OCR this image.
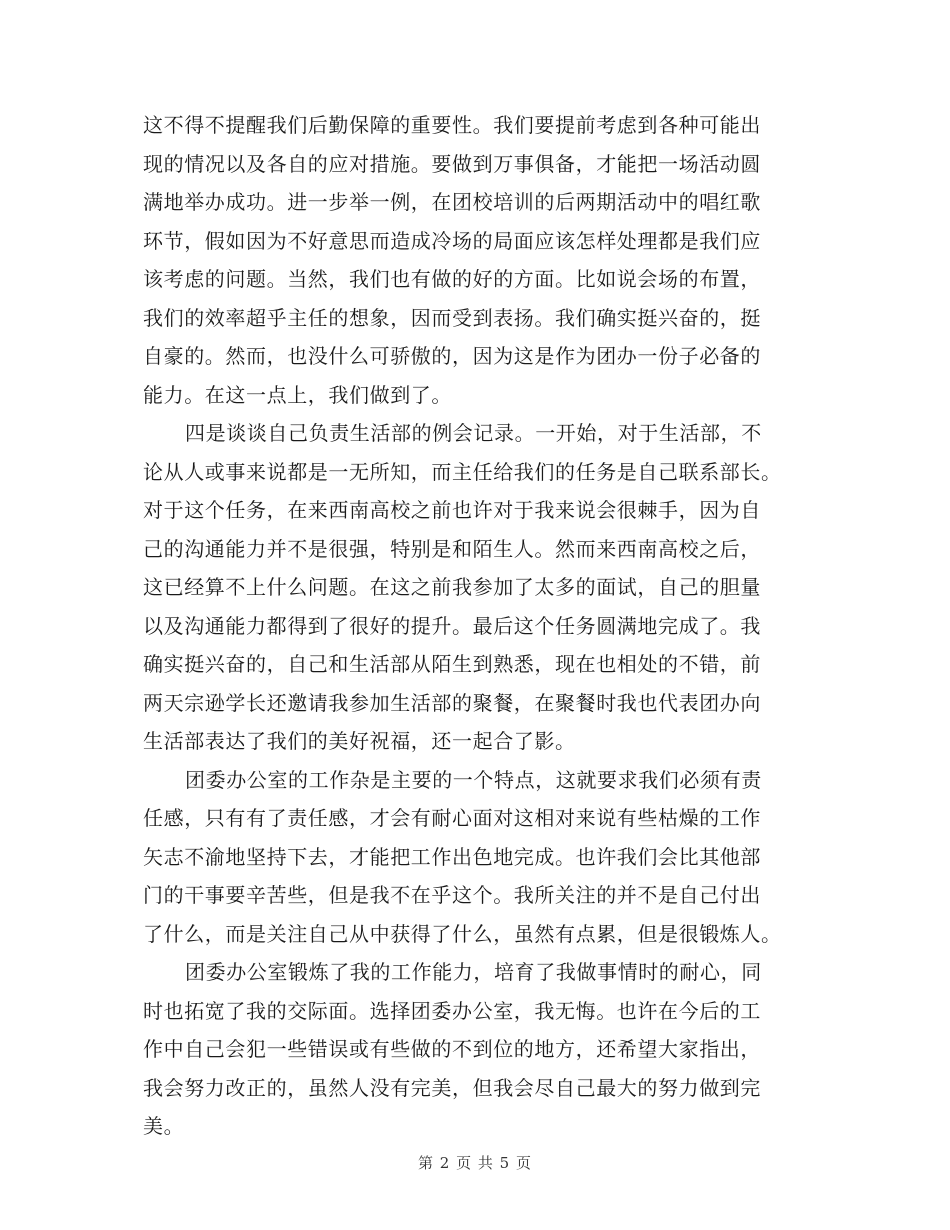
这不得不提醒我们后勤保障的重要性。我们要提前考虑到各种可能出
现的情况以及各自的应对措施。要做到万事俱备，才能把一场活动圆
满地举办成功。进一步举一例，在团校培训的后两期活动中的唱红歌
环节，假如因为不好意思而造成冷场的局面应该怎样处理都是我们应
该考虑的问题。当然，我们也有做的好的方面。比如说会场的布置，
我们的效率超乎主任的想象，因而受到表扬。我们确实挺兴奋的，挺
自豪的。然而，也没什么可骄傲的，因为这是作为团办一份子必备的
能力。在这一点上，我们做到了。
四是谈谈自己负责生活部的例会记录。一开始，对于生活部，不
论从人或事来说都是一无所知，而主任给我们的任务是自己联系部长。
对于这个任务，在来西南高校之前也许对于我来说会很棘手，因为自
己的沟通能力并不是很强，特别是和陌生人。然而来西南高校之后，
这已经算不上什么问题。在这之前我参加了太多的面试，自己的胆量
以及沟通能力都得到了很好的提升。最后这个任务圆满地完成了。我
确实挺兴奋的，自己和生活部从陌生到熟悉，现在也相处的不错，前
两天宗逊学长还邀请我参加生活部的聚餐，在聚餐时我也代表团办向
生活部表达了我们的美好祝福，还一起合了影。
团委办公室的工作杂是主要的一个特点，这就要求我们必须有责
任感，只有有了责任感，才会有耐心面对这相对来说有些枯燥的工作
矢志不渝地坚持下去，才能把工作出色地完成。也许我们会比其他部
门的干事要辛苦些，但是我不在乎这个。我所关注的并不是自己付出
了什么，而是关注自己从中获得了什么，虽然有点累，但是很锻炼人。
团委办公室锻炼了我的工作能力，培育了我做事情时的耐心，同
时也拓宽了我的交际面。选择团委办公室，我无悔。也许在今后的工
作中自己会犯一些错误或有些做的不到位的地方，还希望大家指出，
我会努力改正的，虽然人没有完美，但我会尽自己最大的努力做到完
美。
第 2 页 共 5 页
